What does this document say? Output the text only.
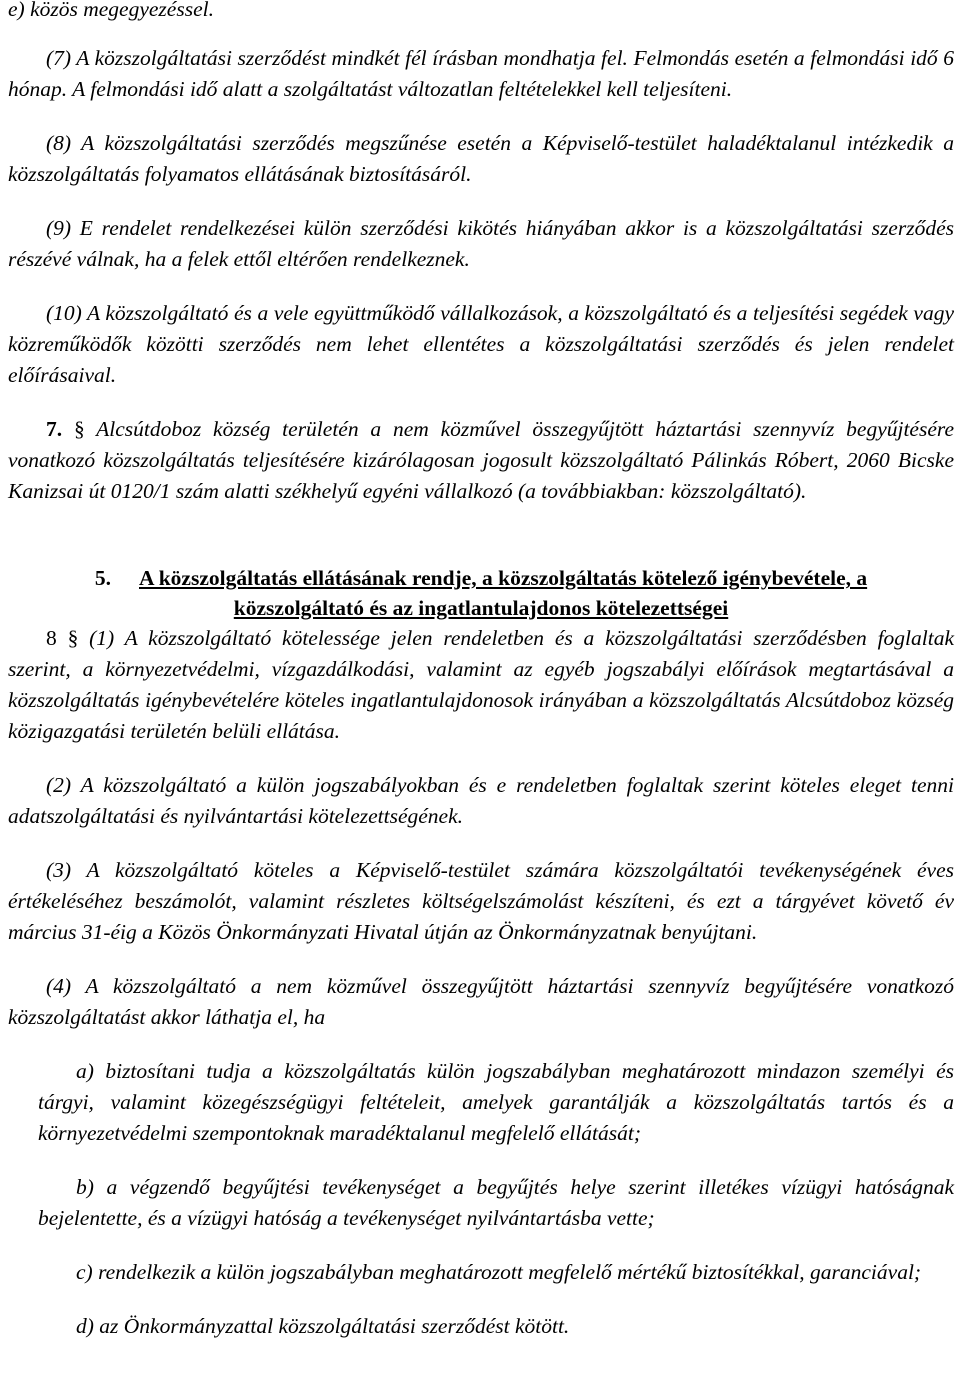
e) közös megegyezéssel.

(7) A közszolgáltatási szerződést mindkét fél írásban mondhatja fel. Felmondás esetén a felmondási idő 6 hónap. A felmondási idő alatt a szolgáltatást változatlan feltételekkel kell teljesíteni.

(8) A közszolgáltatási szerződés megszűnése esetén a Képviselő-testület haladéktalanul intézkedik a közszolgáltatás folyamatos ellátásának biztosításáról.

(9) E rendelet rendelkezései külön szerződési kikötés hiányában akkor is a közszolgáltatási szerződés részévé válnak, ha a felek ettől eltérően rendelkeznek.

(10) A közszolgáltató és a vele együttműködő vállalkozások, a közszolgáltató és a teljesítési segédek vagy közreműködők közötti szerződés nem lehet ellentétes a közszolgáltatási szerződés és jelen rendelet előírásaival.

7. § Alcsútdoboz község területén a nem közművel összegyűjtött háztartási szennyvíz begyűjtésére vonatkozó közszolgáltatás teljesítésére kizárólagosan jogosult közszolgáltató Pálinkás Róbert, 2060 Bicske Kanizsai út 0120/1 szám alatti székhelyű egyéni vállalkozó (a továbbiakban: közszolgáltató).

5. A közszolgáltatás ellátásának rendje, a közszolgáltatás kötelező igénybevétele, a
közszolgáltató és az ingatlantulajdonos kötelezettségei

8 § (1) A közszolgáltató kötelessége jelen rendeletben és a közszolgáltatási szerződésben foglaltak szerint, a környezetvédelmi, vízgazdálkodási, valamint az egyéb jogszabályi előírások megtartásával a közszolgáltatás igénybevételére köteles ingatlantulajdonosok irányában a közszolgáltatás Alcsútdoboz község közigazgatási területén belüli ellátása.

(2) A közszolgáltató a külön jogszabályokban és e rendeletben foglaltak szerint köteles eleget tenni adatszolgáltatási és nyilvántartási kötelezettségének.

(3) A közszolgáltató köteles a Képviselő-testület számára közszolgáltatói tevékenységének éves értékeléséhez beszámolót, valamint részletes költségelszámolást készíteni, és ezt a tárgyévet követő év március 31-éig a Közös Önkormányzati Hivatal útján az Önkormányzatnak benyújtani.

(4) A közszolgáltató a nem közművel összegyűjtött háztartási szennyvíz begyűjtésére vonatkozó közszolgáltatást akkor láthatja el, ha

a) biztosítani tudja a közszolgáltatás külön jogszabályban meghatározott mindazon személyi és tárgyi, valamint közegészségügyi feltételeit, amelyek garantálják a közszolgáltatás tartós és a környezetvédelmi szempontoknak maradéktalanul megfelelő ellátását;

b) a végzendő begyűjtési tevékenységet a begyűjtés helye szerint illetékes vízügyi hatóságnak bejelentette, és a vízügyi hatóság a tevékenységet nyilvántartásba vette;

c) rendelkezik a külön jogszabályban meghatározott megfelelő mértékű biztosítékkal, garanciával;

d) az Önkormányzattal közszolgáltatási szerződést kötött.
